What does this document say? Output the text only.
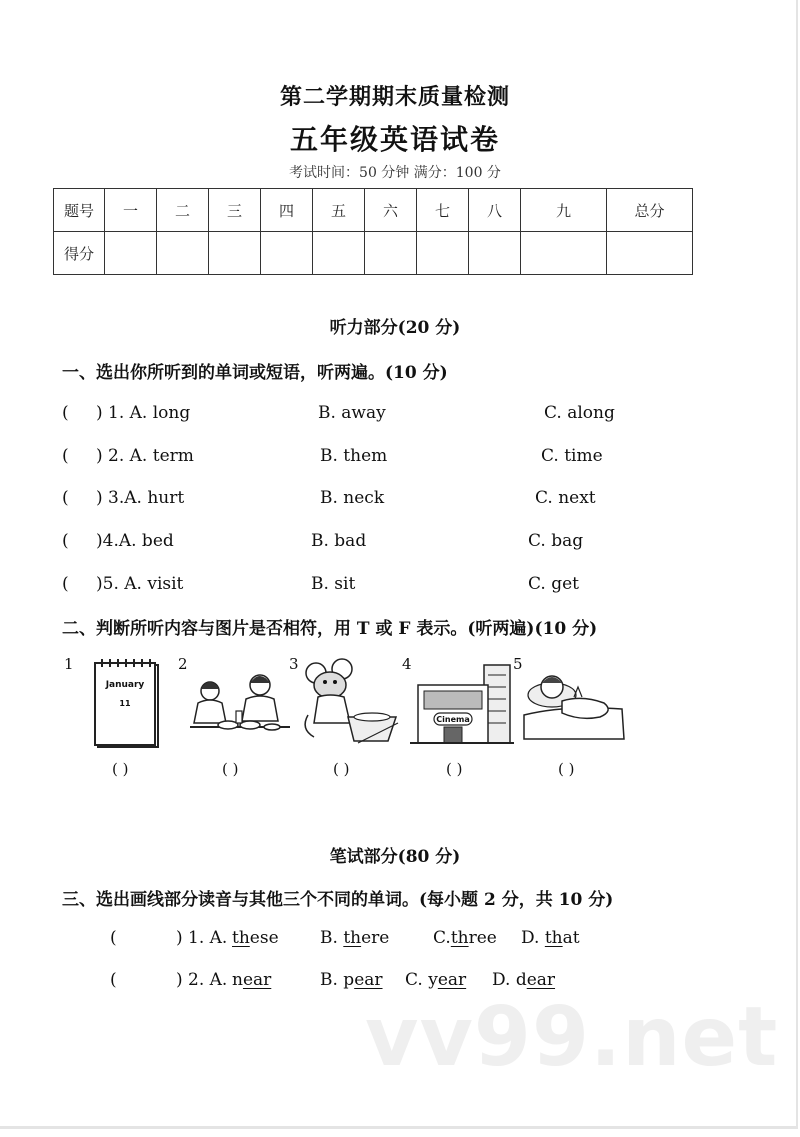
第二学期期末质量检测
五年级英语试卷
考试时间：50 分钟 满分：100 分
题号	一	二	三	四	五	六	七	八	九	总分
得分										
听力部分(20 分)
一、选出你所听到的单词或短语，听两遍。(10 分)
( ) 1. A. long	B. away	C. along
( ) 2. A. term	B. them	C. time
( ) 3.A. hurt	B. neck	C. next
( )4.A. bed	B. bad	C. bag
( )5. A. visit	B. sit	C. get
二、判断所听内容与图片是否相符，用 T 或 F 表示。(听两遍)(10 分)
1	2	3	4	5
January
11
Cinema
( )	( )	( )	( )	( )
笔试部分(80 分)
三、选出画线部分读音与其他三个不同的单词。(每小题 2 分，共 10 分)
(	) 1. A. these B. there	C.three D. that
(	) 2. A. near	B. pear C. year D. dear
vv99.net
